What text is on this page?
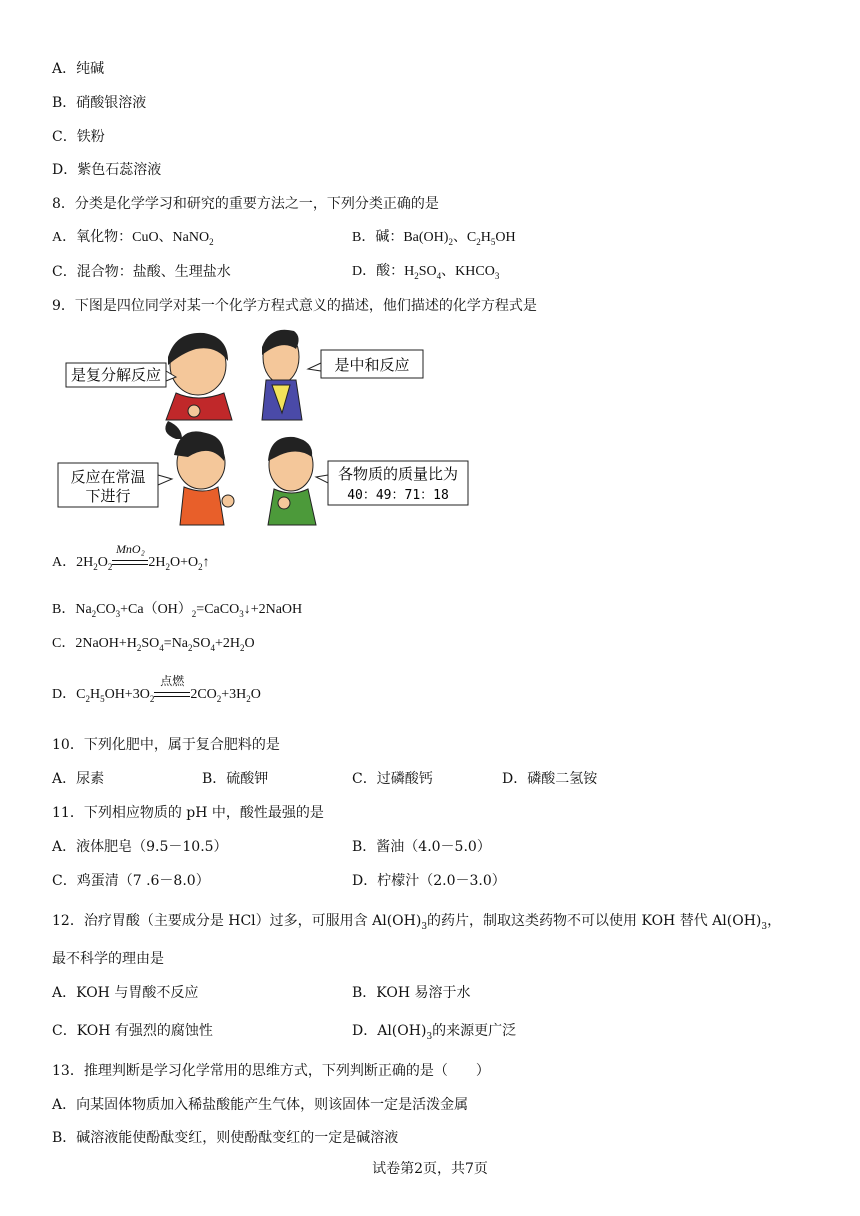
A．纯碱
B．硝酸银溶液
C．铁粉
D．紫色石蕊溶液
8．分类是化学学习和研究的重要方法之一，下列分类正确的是
A．氧化物：CuO、NaNO$_2$	B．碱：$Ba(OH)_2$、$C_2H_5OH$
C．混合物：盐酸、生理盐水	D．酸：$H_2SO_4$、$KHCO_3$
9．下图是四位同学对某一个化学方程式意义的描述，他们描述的化学方程式是
是复分解反应
是中和反应
反应在常温
下进行
各物质的质量比为
40：49：71：18
A．$2H_2O_2$
MnO₂
$2H_2O+O_2↑$
B．$Na_2CO_3+Ca(OH)_2=CaCO_3↓+2NaOH$
C．$2NaOH+H_2SO_4=Na_2SO_4+2H_2O$
D．$C_2H_5OH+3O_2$
点燃
$2CO_2+3H_2O$
10．下列化肥中，属于复合肥料的是
A．尿素	B．硫酸钾	C．过磷酸钙	D．磷酸二氢铵
11．下列相应物质的 pH 中，酸性最强的是
A．液体肥皂（9.5－10.5）	B．酱油（4.0－5.0）
C．鸡蛋清（7 .6－8.0）	D．柠檬汁（2.0－3.0）
12．治疗胃酸（主要成分是 HCl）过多，可服用含 $Al(OH)_3$的药片，制取这类药物不可以使用 KOH 替代 $Al(OH)_3$，
最不科学的理由是
A．KOH 与胃酸不反应	B．KOH 易溶于水
C．KOH 有强烈的腐蚀性	D．$Al(OH)_3$的来源更广泛
13．推理判断是学习化学常用的思维方式，下列判断正确的是（　　）
A．向某固体物质加入稀盐酸能产生气体，则该固体一定是活泼金属
B．碱溶液能使酚酞变红，则使酚酞变红的一定是碱溶液
试卷第2页，共7页
